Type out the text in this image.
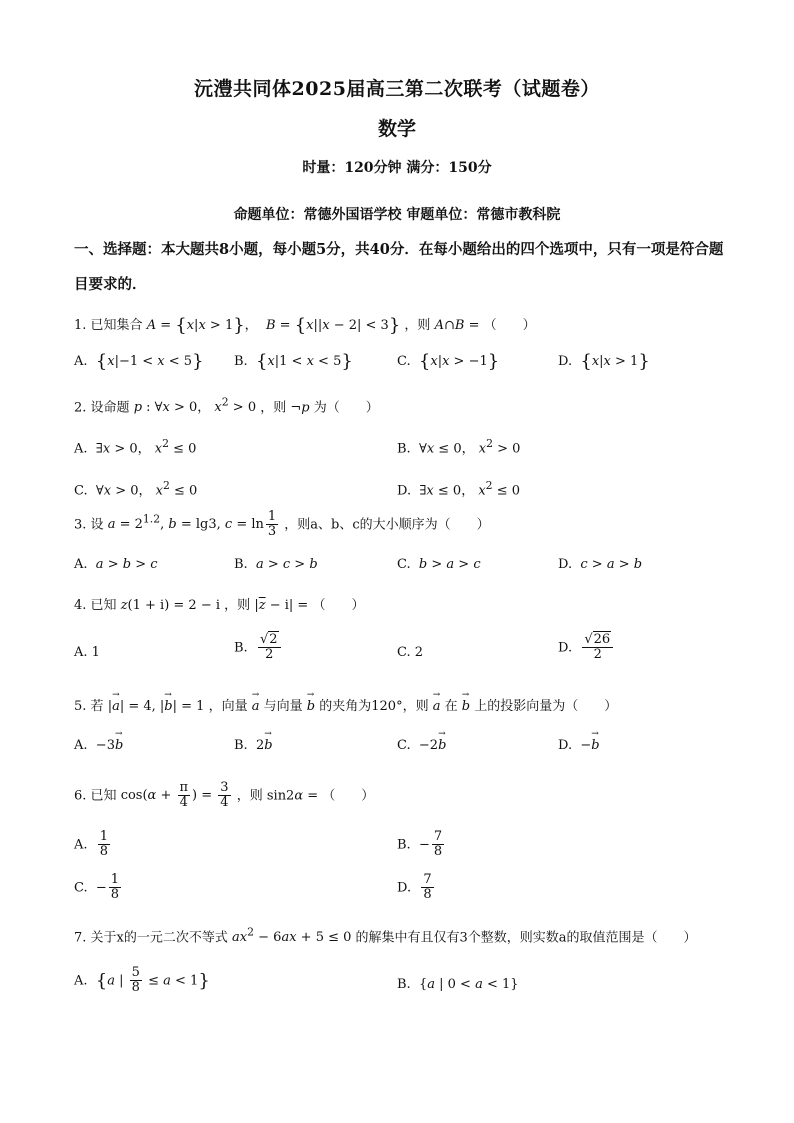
沅澧共同体2025届高三第二次联考（试题卷）
数学
时量：120分钟 满分：150分
命题单位：常德外国语学校 审题单位：常德市教科院
一、选择题：本大题共8小题，每小题5分，共40分．在每小题给出的四个选项中，只有一项是符合题目要求的．
1. 已知集合 A = {x|x > 1}，  B = {x||x − 2| < 3} ，则 A∩B = （　　）
A. {x|−1 < x < 5} B. {x|1 < x < 5}	C. {x|x > −1}	D. {x|x > 1}
2. 设命题 p : ∀x > 0， $x^2 > 0$ ，则 ¬p 为（　　）
A.  ∃x > 0， $x^2 \le 0$	B.  ∀x ≤ 0， $x^2 > 0$
C.  ∀x > 0， $x^2 \le 0$	D.  ∃x ≤ 0， $x^2 \le 0$
3. 设 $a = 2^{1.2}$, b = lg3, $c = \ln \frac{1}{3}$ ，则a、b、c的大小顺序为（　　）
A. a > b > c	B. a > c > b	C. b > a > c	D. c > a > b
4. 已知 z(1 + i) = 2 − i ，则 $|\overline{z} - i|$ = （　　）
A. 1	B. $\frac{√2}{2}$	C. 2	D. $\frac{√26}{2}$
5. 若 |→ a| = 4, |→ b| = 1 ，向量 → a 与向量 → b 的夹角为120°，则 → a 在 → b 上的投影向量为（　　）
A.  −3→ b	B.  2→ b	C.  −2→ b	D.  −→ b
6. 已知 $\cos(\alpha + \frac{\pi}{4}$ ) = $\frac{3}{4}$ ，则 sin2α = （　　）
A. $\frac{1}{8}$	B.  − $\frac{7}{8}$
C.  − $\frac{1}{8}$	D. $\frac{7}{8}$
7. 关于x的一元二次不等式 $ax^2 - 6ax + 5 \le 0$ 的解集中有且仅有3个整数，则实数a的取值范围是（　　）
A. {a | $\frac{5}{8} \le a < 1$}	B.  {a | 0 < a < 1}
